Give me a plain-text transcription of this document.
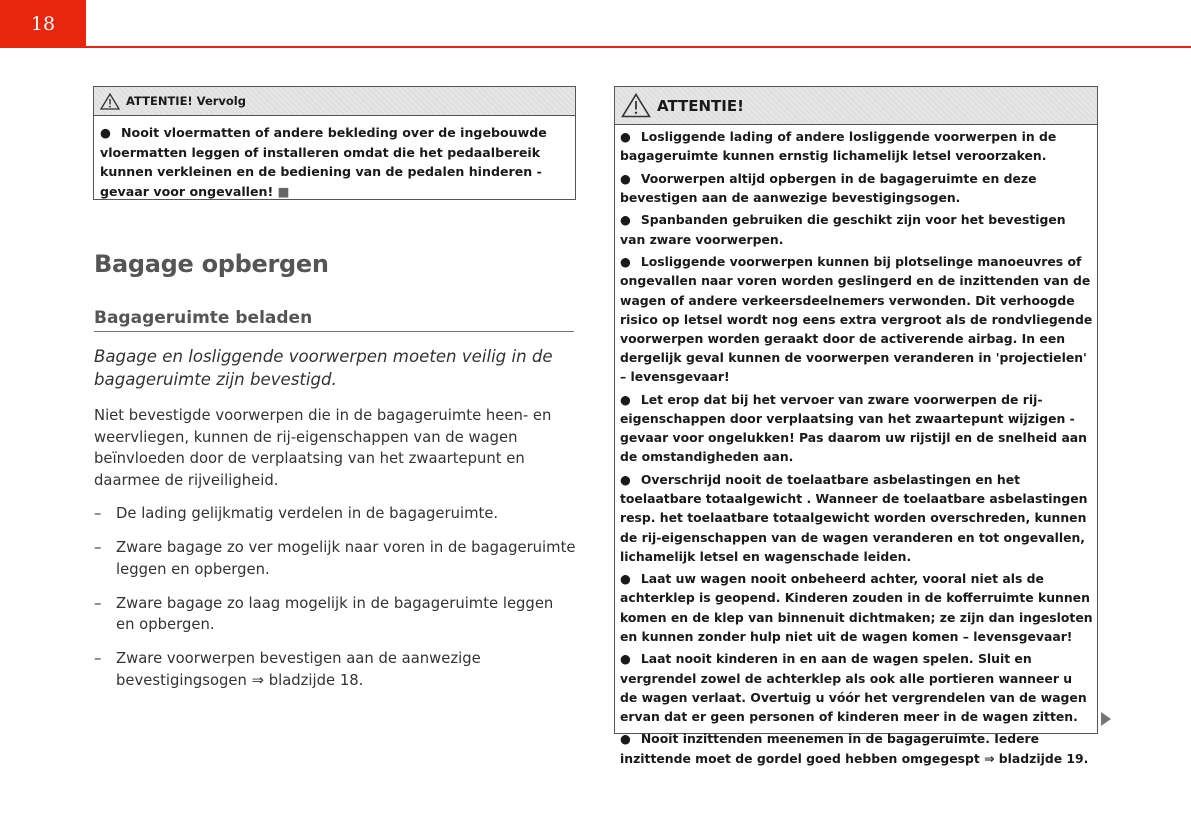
18
ATTENTIE! Vervolg

● Nooit vloermatten of andere bekleding over de ingebouwde vloermatten leggen of installeren omdat die het pedaalbereik kunnen verkleinen en de bediening van de pedalen hinderen - gevaar voor ongevallen! ■

Bagage opbergen
Bagageruimte beladen
Bagage en losliggende voorwerpen moeten veilig in de bagageruimte zijn bevestigd.
Niet bevestigde voorwerpen die in de bagageruimte heen- en weervliegen, kunnen de rij-eigenschappen van de wagen beïnvloeden door de verplaatsing van het zwaartepunt en daarmee de rijveiligheid.
– De lading gelijkmatig verdelen in de bagageruimte.
– Zware bagage zo ver mogelijk naar voren in de bagageruimte leggen en opbergen.
– Zware bagage zo laag mogelijk in de bagageruimte leggen en opbergen.
– Zware voorwerpen bevestigen aan de aanwezige bevestigingsogen ⇒ bladzijde 18.
ATTENTIE!

● Losliggende lading of andere losliggende voorwerpen in de bagageruimte kunnen ernstig lichamelijk letsel veroorzaken.

● Voorwerpen altijd opbergen in de bagageruimte en deze bevestigen aan de aanwezige bevestigingsogen.

● Spanbanden gebruiken die geschikt zijn voor het bevestigen van zware voorwerpen.

● Losliggende voorwerpen kunnen bij plotselinge manoeuvres of ongevallen naar voren worden geslingerd en de inzittenden van de wagen of andere verkeersdeelnemers verwonden. Dit verhoogde risico op letsel wordt nog eens extra vergroot als de rondvliegende voorwerpen worden geraakt door de activerende airbag. In een dergelijk geval kunnen de voorwerpen veranderen in 'projectielen' – levensgevaar!

● Let erop dat bij het vervoer van zware voorwerpen de rij-eigenschappen door verplaatsing van het zwaartepunt wijzigen - gevaar voor ongelukken! Pas daarom uw rijstijl en de snelheid aan de omstandigheden aan.

● Overschrijd nooit de toelaatbare asbelastingen en het toelaatbare totaalgewicht . Wanneer de toelaatbare asbelastingen resp. het toelaatbare totaalgewicht worden overschreden, kunnen de rij-eigenschappen van de wagen veranderen en tot ongevallen, lichamelijk letsel en wagenschade leiden.

● Laat uw wagen nooit onbeheerd achter, vooral niet als de achterklep is geopend. Kinderen zouden in de kofferruimte kunnen komen en de klep van binnenuit dichtmaken; ze zijn dan ingesloten en kunnen zonder hulp niet uit de wagen komen – levensgevaar!

● Laat nooit kinderen in en aan de wagen spelen. Sluit en vergrendel zowel de achterklep als ook alle portieren wanneer u de wagen verlaat. Overtuig u vóór het vergrendelen van de wagen ervan dat er geen personen of kinderen meer in de wagen zitten.

● Nooit inzittenden meenemen in de bagageruimte. Iedere inzittende moet de gordel goed hebben omgegespt ⇒ bladzijde 19.
